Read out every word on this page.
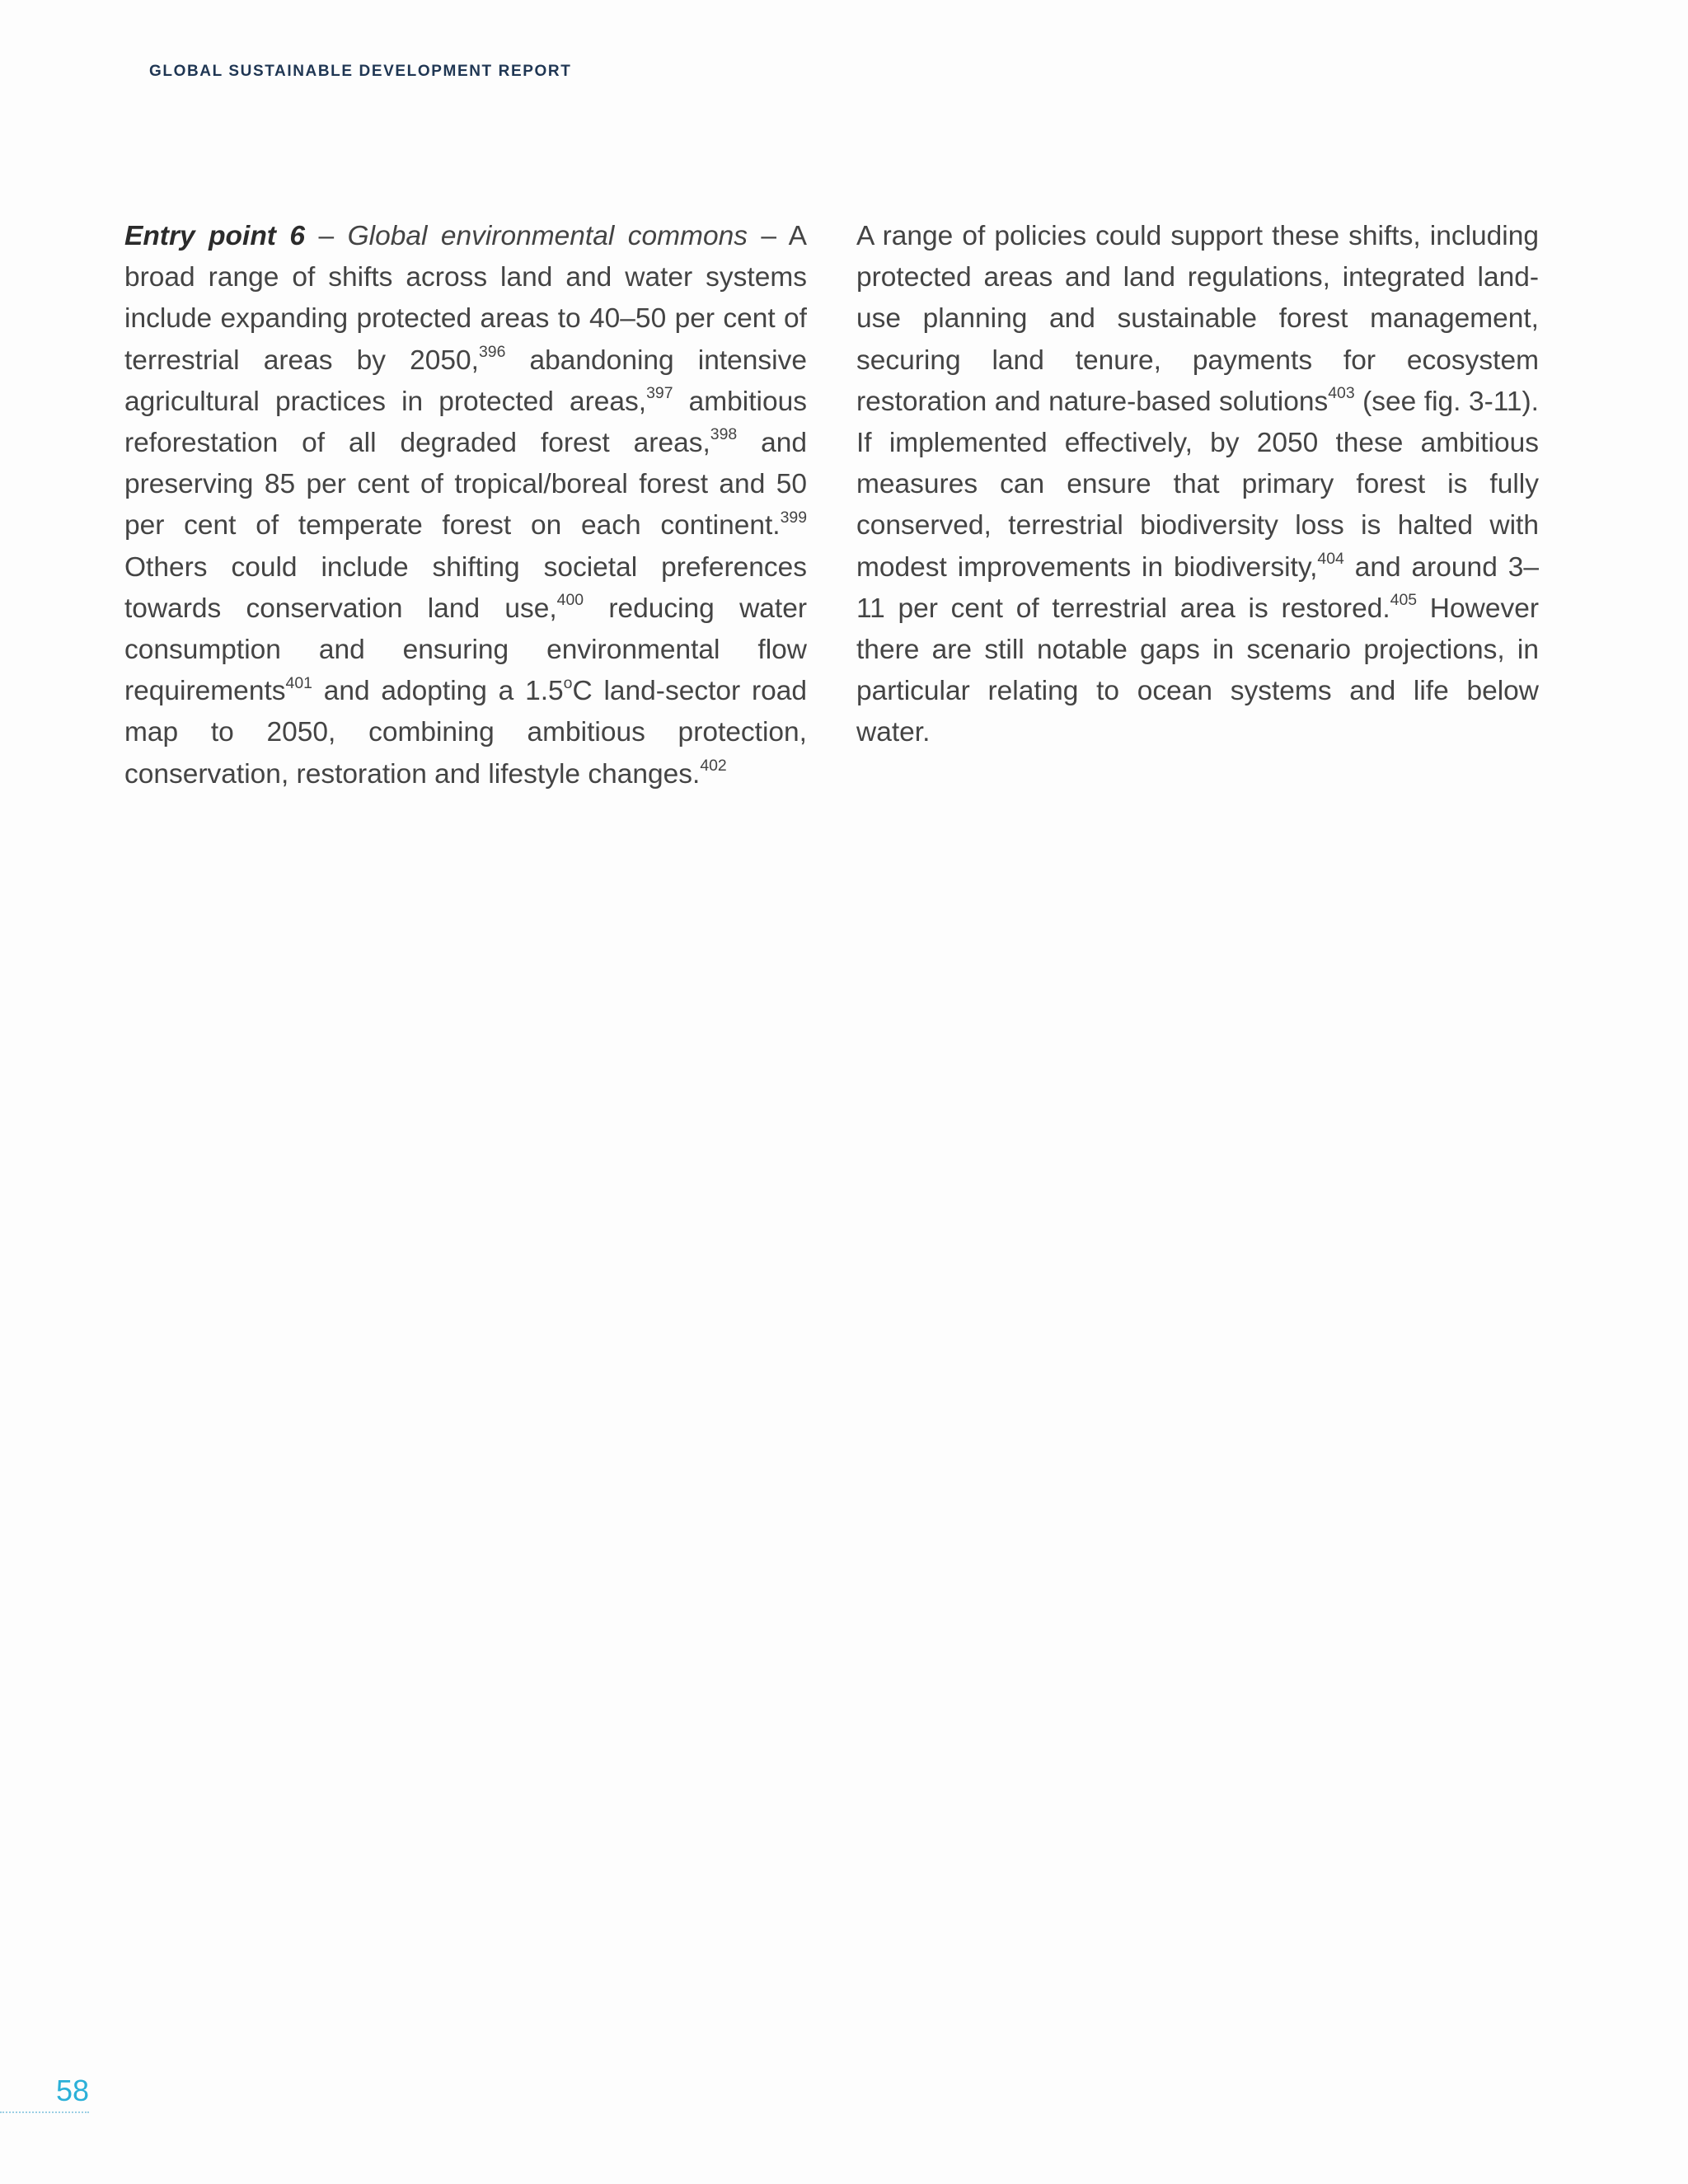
GLOBAL SUSTAINABLE DEVELOPMENT REPORT

Entry point 6 – Global environmental commons – A broad range of shifts across land and water systems include expanding protected areas to 40–50 per cent of terrestrial areas by 2050,$^{396}$ abandoning intensive agricultural practices in protected areas,$^{397}$ ambitious reforestation of all degraded forest areas,$^{398}$ and preserving 85 per cent of tropical/boreal forest and 50 per cent of temperate forest on each continent.$^{399}$ Others could include shifting societal preferences towards conservation land use,$^{400}$ reducing water consumption and ensuring environmental flow requirements$^{401}$ and adopting a 1.5$^o$C land-sector road map to 2050, combining ambitious protection, conservation, restoration and lifestyle changes.$^{402}$

A range of policies could support these shifts, including protected areas and land regulations, integrated land-use planning and sustainable forest management, securing land tenure, payments for ecosystem restoration and nature-based solutions$^{403}$ (see fig. 3-11). If implemented effectively, by 2050 these ambitious measures can ensure that primary forest is fully conserved, terrestrial biodiversity loss is halted with modest improvements in biodiversity,$^{404}$ and around 3–11 per cent of terrestrial area is restored.$^{405}$ However there are still notable gaps in scenario projections, in particular relating to ocean systems and life below water.

58
